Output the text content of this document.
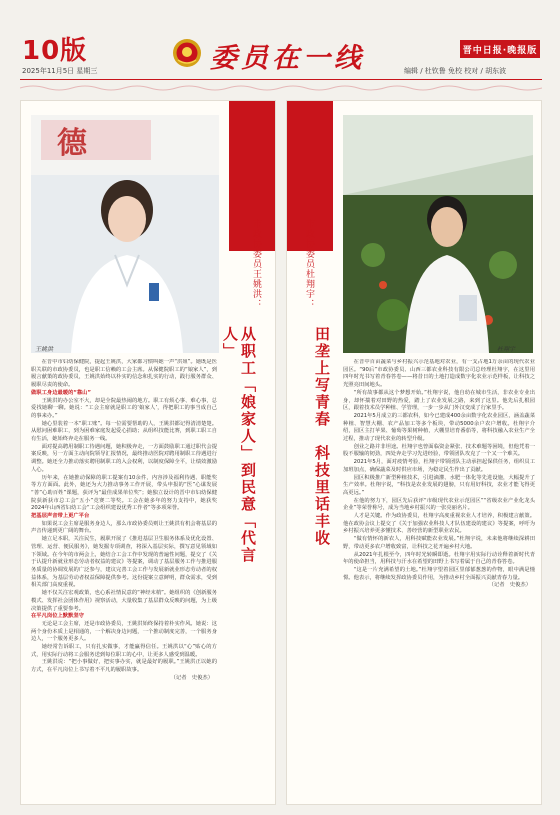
10版
2025年11月5日 星期三	委员在一线	晋中日报·晚报版
编辑 / 杜钦鲁 免校 校对 / 胡东波
德
王姚洪
市政协委员王姚洪：
从职工「娘家人」到民意「代言人」

在晋中市妇幼保健院，提起王姚洪，大家都习惯叫她一声“洪姐”。她既是医职关联的市政协委员，也是职工信赖的工会主席。从保健院职工的“娘家人”，到履言献策的政协委员，王姚洪始终以朴实的信念和扎实的行动，践行服务群众、履职尽责的使命。

做职工身边最暖的“靠山”

王姚洪的办公室不大，却是全院最热闹的地方。职工有烦心事、难心事，总爱找她聊一聊。她说：“工会主席就是职工的‘娘家人’，得把职工的事当成自己的事来办。”

她心里装着一本“职工账”。每一位需要帮助的人，王姚洪都记得清清楚楚。从慰问困难职工，到为困难家庭发起爱心捐助；从组织技能比赛，到职工职工自有生活，她始终奔走在服务一线。

面对提高聘用制职工待遇问题，她积极奔走，一方面鼓励职工通过职代会提案反映，另一方面主动向院领导汇报情况，最终推动医院对聘用制职工待遇进行调整。她还全力推动落实聘用制职工的入会权利，以制度保障全平，让绩效激励人心。

历年来，在她推动保障的职工提案有10余件，内容涉及福利待遇、职能奖等方方面面。此外，她还为大力推动事务工作开展，带头申报的“医”心谋发展 “善”心助百姓”课题，获评为“最佳成果单位奖”；她独立设计的晋中市妇幼保健院获新获市总工会“五小”竞赛二等奖。工会在她多年的努力支持中，她获奖2024年山西省妇幼工会“工会组织建设优秀工作者”等多项荣誉。

把基层声音带上更广平台

如果说工会主席是服务身边人，那么市政协委员则让王姚洪有机会将基层的声音传递到更广阔的舞台。

她立足本职，关注民生，履职开展了《推进基层卫生服务体系及优化设置、管理、运营、便民服务》，她发掘专项调查，将深入基层实际，撰写意见领域如下领域。在今年的市两会上，她结合工会工作中发现的普遍性问题，提交了《关于认提升新就业形态劳动者权益的建议》等提案，调动了基层服务工作与推进服务质量的协调发展的广泛参与，建议完善工会工作与发展新就业形态劳动者的权益体系，为基层劳动者权益保障提供参考。这份提案立意鲜明，群众需求，受到相关部门高度重视。

她不仅关注宏观政策，也心系社情民意的“神经末梢”。她组织的《创新服务模式、发挥社会团体作用》视察活动，大量收集了基层群众反映的问题，为上级决策提供了重要参考。

在平凡岗位上默默坚守

无论是工会主席，还是市政协委员，王姚洪始终保持着朴实作风。她说：这两个身份本质上是相通的，一个解决身边问题，一个推动制度完善，一个服务身边人，一个服务更多人。

她经常告诉职工，只有扎实做事，才能赢得信任。王姚洪以“心”贴心的方式，用实际行动将工会服务送到每位职工的心中，让更多人感受到温暖。

王姚洪说：“把小事做好，把实事办实，就是最好的履职。”王姚洪正以她的方式，在平凡岗位上书写着不平凡的履职故事。

（记者　史俊杰）

市政协委员杜翔宇：
田垄上写青春　科技里话丰收	杜翔宇

在晋中百亩蔬菜与乡村振兴示范基地对农业，有一支占地1万余亩的现代农业园区。“90后”市政协委员、山西三都农业科技有限公司总经理杜翔宇，在这里用四年时光书写着青春答卷——将昔日的土地打造成数字化农业示范样板，让科技之光照亮田间地头。

“所有故事都从这个梦想开始。”杜翔宇说，他自幼在城市生活，非农业专业出身，却怀揣着对田野的热爱，踏上了农业发展之路，来到了这里。他先后扎根园区，跟着技术员学种植、学管理，一步一步从门外汉变成了行家里手。

2021年5月成立的三都农科，如今已建成400余亩数字化农业园区，涵盖蔬菜种植、智慧大棚、农产品加工等多个板块，带动5000余户农户增收。杜翔宇介绍，园区主打苹果、葡萄等果树种植，大棚里培育番茄等，将科技融入农业生产全过程，推动了现代农业的转型升级。

创业之路并非坦途。杜翔宇也曾面临资金紧张、技术难题等困境，但他凭着一股不服输的韧劲，四处奔走学习先进经验，带领团队攻克了一个又一个难关。

2021年5月，面对疫情考验，杜翔宇带领团队主动承担起保供任务，组织员工加班加点，确保蔬菜及时供应市场，为稳定民生作出了贡献。

园区积极推广新型种植技术，引进滴灌、水肥一体化等先进设施，大幅提升了生产效率。杜翔宇说，“科技是农业发展的翅膀，只有用好科技，农业才能飞得更高更远。”

在他的努力下，园区先后获评“市级现代农业示范园区”“省级农业产业化龙头企业”等荣誉称号，成为当地乡村振兴的一张亮丽名片。

人才是关键。作为政协委员，杜翔宇高度重视农业人才培养，积极建言献策。他在政协会议上提交了《关于加强农业科技人才队伍建设的建议》等提案，呼吁为乡村振兴培养更多懂技术、善经营的新型职业农民。

“做有情怀的新农人，用科技赋能农业发展。”杜翔宇说，未来他将继续深耕田野，带动更多农户增收致富，让科技之花开遍乡村大地。

从2021年扎根至今，四年时光转瞬即逝。杜翔宇用实际行动诠释着新时代青年的使命担当，用科技与汗水在希望的田野上书写着属于自己的青春答卷。

“这是一片充满希望的土地。”杜翔宇望着园区里郁郁葱葱的作物，眼中满是憧憬。他表示，将继续发挥政协委员作用，为推动乡村全面振兴贡献青春力量。

（记者　史俊杰）
